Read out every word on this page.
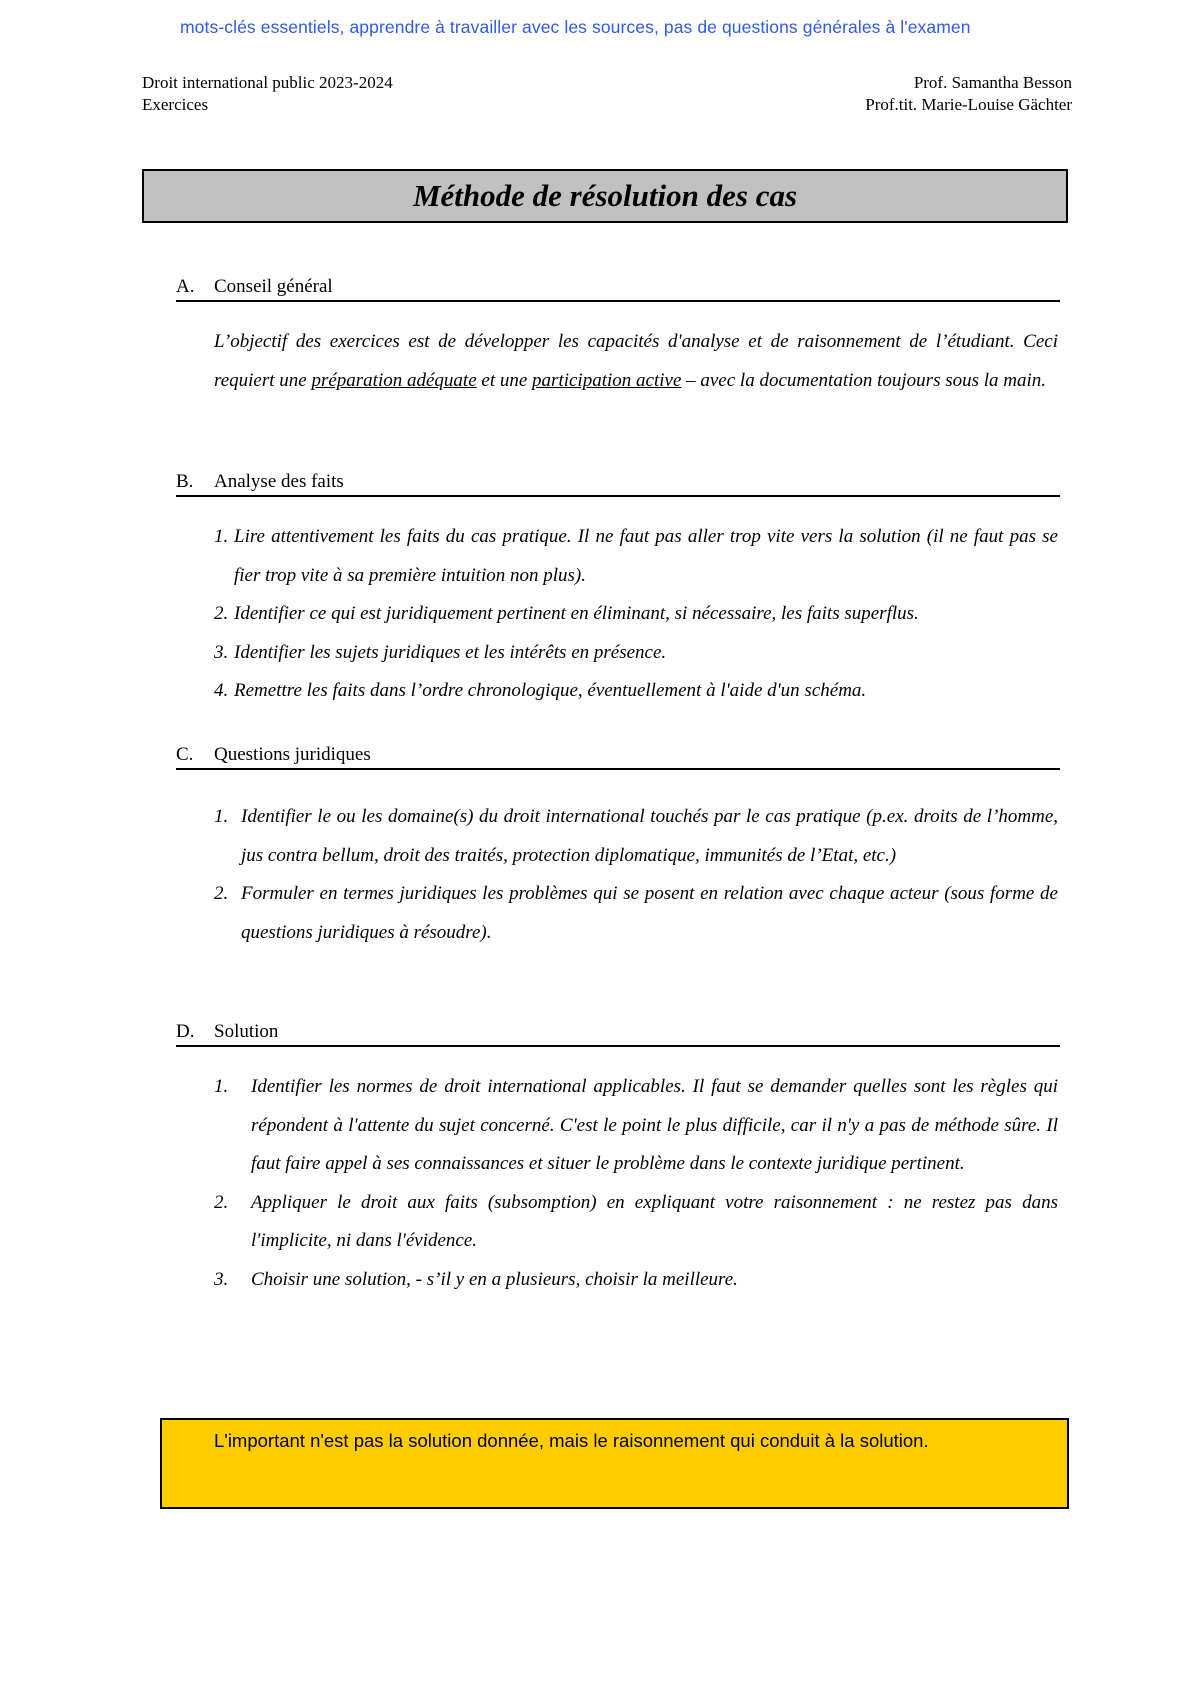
mots-clés essentiels, apprendre à travailler avec les sources, pas de questions générales à l'examen
Droit international public 2023-2024
Exercices
Prof. Samantha Besson
Prof.tit. Marie-Louise Gächter
Méthode de résolution des cas
A.	Conseil général
L’objectif des exercices est de développer les capacités d'analyse et de raisonnement de l’étudiant. Ceci requiert une préparation adéquate et une participation active – avec la documentation toujours sous la main.
B.	Analyse des faits
1. Lire attentivement les faits du cas pratique. Il ne faut pas aller trop vite vers la solution (il ne faut pas se fier trop vite à sa première intuition non plus).
2. Identifier ce qui est juridiquement pertinent en éliminant, si nécessaire, les faits superflus.
3. Identifier les sujets juridiques et les intérêts en présence.
4. Remettre les faits dans l’ordre chronologique, éventuellement à l'aide d'un schéma.
C.	Questions juridiques
1. Identifier le ou les domaine(s) du droit international touchés par le cas pratique (p.ex. droits de l’homme, jus contra bellum, droit des traités, protection diplomatique, immunités de l’Etat, etc.)
2. Formuler en termes juridiques les problèmes qui se posent en relation avec chaque acteur (sous forme de questions juridiques à résoudre).
D.	Solution
1. Identifier les normes de droit international applicables. Il faut se demander quelles sont les règles qui répondent à l'attente du sujet concerné. C'est le point le plus difficile, car il n'y a pas de méthode sûre. Il faut faire appel à ses connaissances et situer le problème dans le contexte juridique pertinent.
2. Appliquer le droit aux faits (subsomption) en expliquant votre raisonnement : ne restez pas dans l'implicite, ni dans l'évidence.
3. Choisir une solution, - s’il y en a plusieurs, choisir la meilleure.
L'important n'est pas la solution donnée, mais le raisonnement qui conduit à la solution.
